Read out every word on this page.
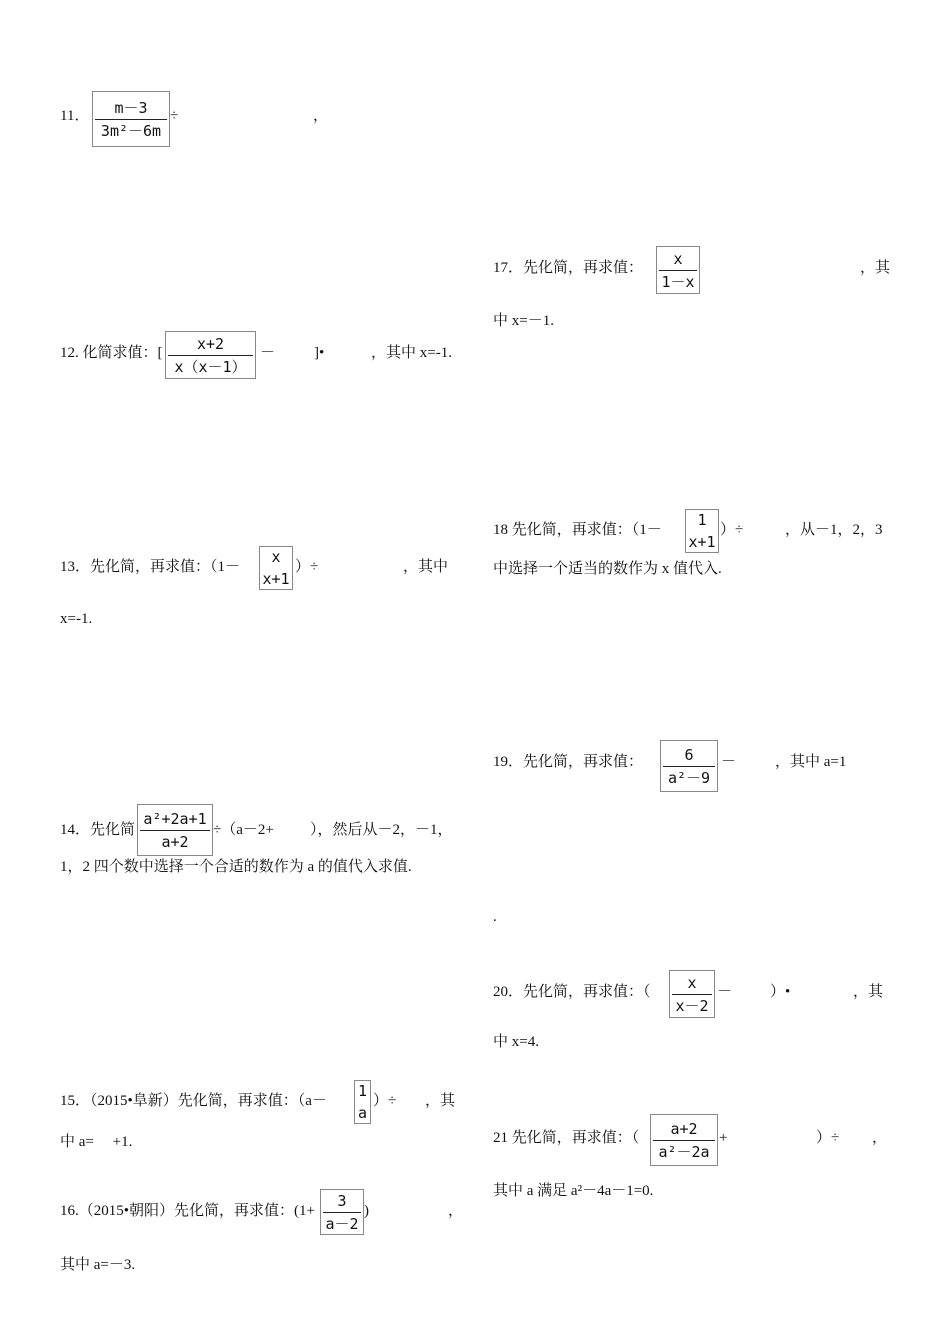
11． m－3
3m²－6m
÷	，
12. 化简求值：[
x+2
x（x－1）
－	]•	，其中 x=-1.
13．先化简，再求值：（1－
x
x+1
）÷	，其中
x=-1.
14．先化简
a²+2a+1
a+2
÷（a－2+ ），然后从－2，－1，
1，2 四个数中选择一个合适的数作为 a 的值代入求值.
15．（2015•阜新）先化简，再求值：（a－
1
a
）÷ ，其
中 a=　 +1.
16.（2015•朝阳）先化简，再求值：(1+
3
a－2
)	，
其中 a=－3.
17．先化简，再求值：
x
1－x
，其
中 x=－1.
18 先化简，再求值：（1－
1
x+1
）÷	，从－1，2，3
中选择一个适当的数作为 x 值代入.
19．先化简，再求值：	6
a²－9
－	，其中 a=1
.
20．先化简，再求值：（
x
x－2
－	）•	，其
中 x=4.
21 先化简，再求值：（
a+2
a²－2a
+	）÷ ，
其中 a 满足 a²－4a－1=0.
